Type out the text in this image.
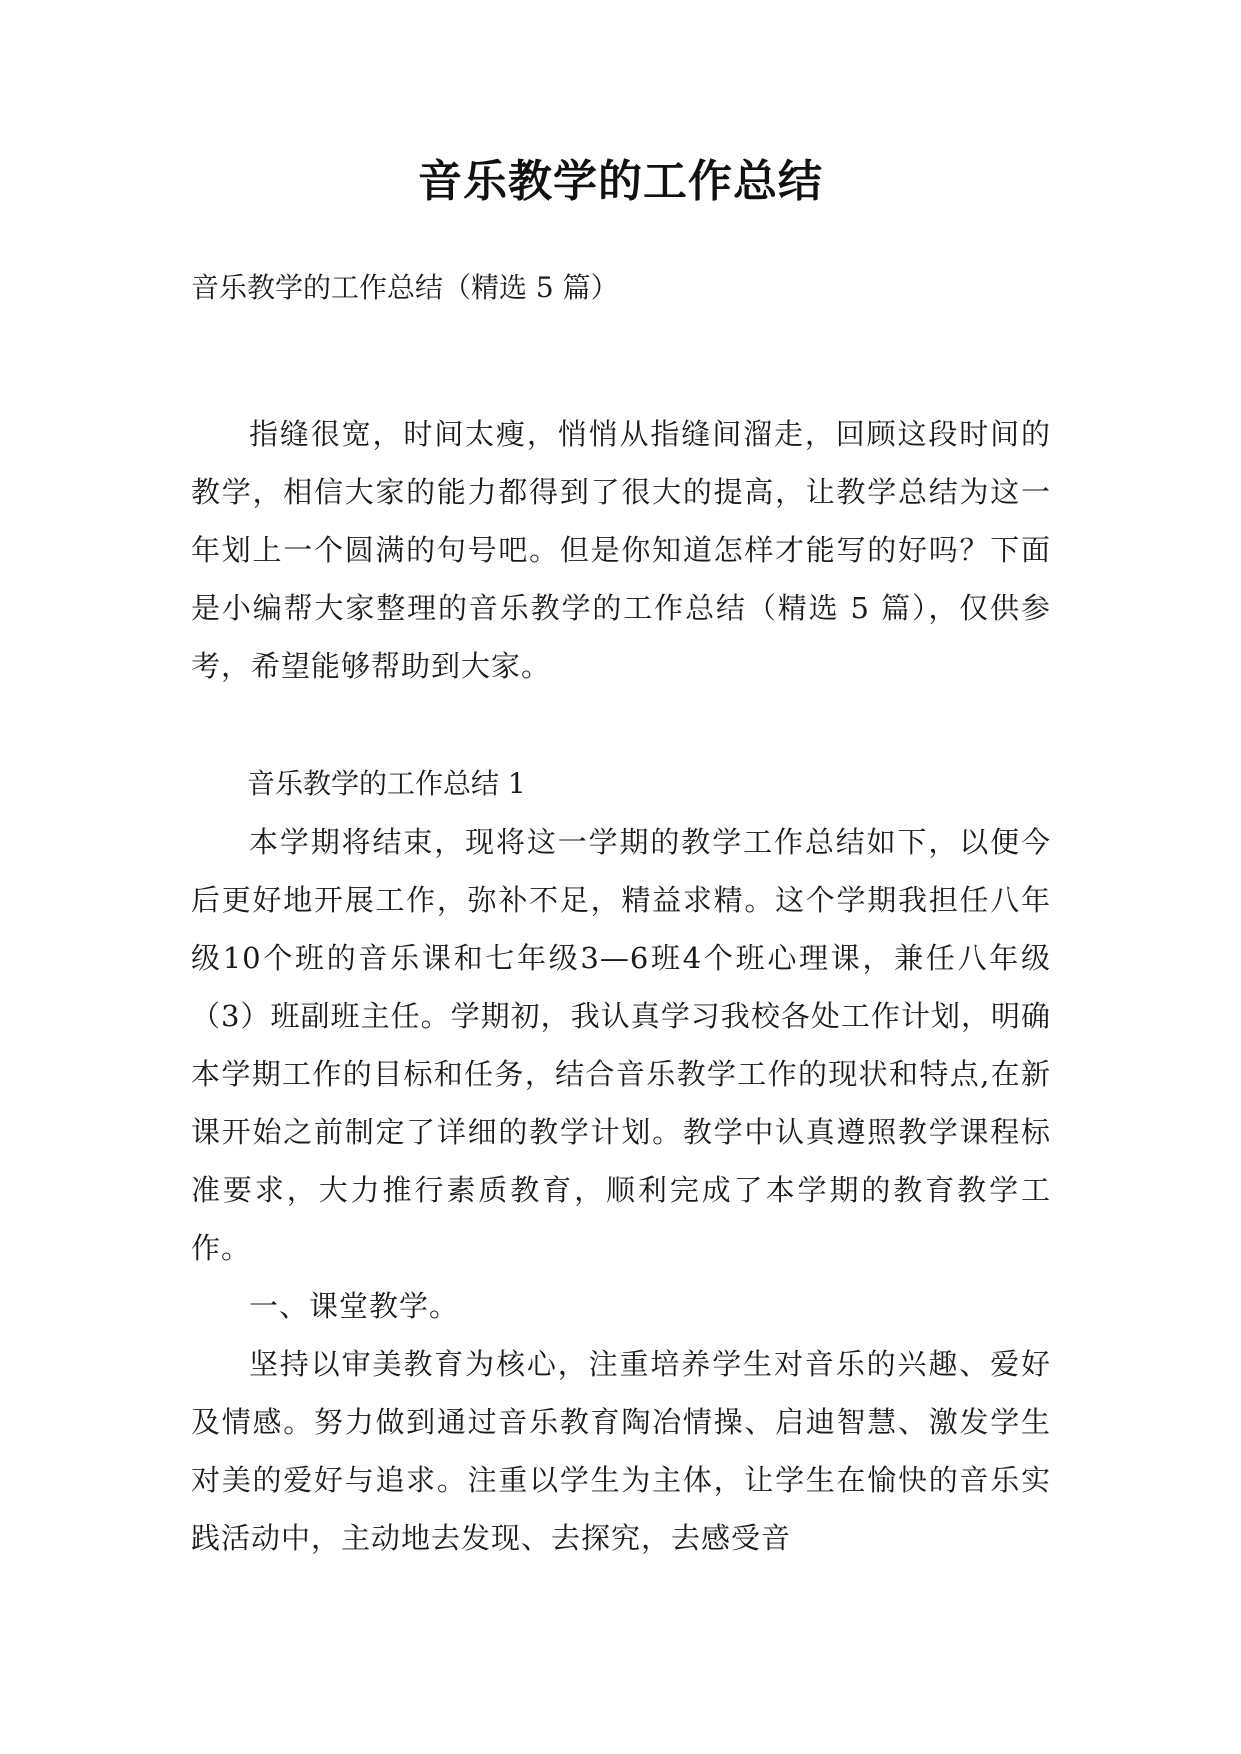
音乐教学的工作总结
音乐教学的工作总结（精选 5 篇）

指缝很宽，时间太瘦，悄悄从指缝间溜走，回顾这段时间的教学，相信大家的能力都得到了很大的提高，让教学总结为这一年划上一个圆满的句号吧。但是你知道怎样才能写的好吗？下面是小编帮大家整理的音乐教学的工作总结（精选 5 篇），仅供参考，希望能够帮助到大家。

音乐教学的工作总结 1

本学期将结束，现将这一学期的教学工作总结如下，以便今后更好地开展工作，弥补不足，精益求精。这个学期我担任八年级10个班的音乐课和七年级3—6班4个班心理课，兼任八年级（3）班副班主任。学期初，我认真学习我校各处工作计划，明确本学期工作的目标和任务，结合音乐教学工作的现状和特点,在新课开始之前制定了详细的教学计划。教学中认真遵照教学课程标准要求，大力推行素质教育，顺利完成了本学期的教育教学工作。

一、课堂教学。

坚持以审美教育为核心，注重培养学生对音乐的兴趣、爱好及情感。努力做到通过音乐教育陶冶情操、启迪智慧、激发学生对美的爱好与追求。注重以学生为主体，让学生在愉快的音乐实践活动中，主动地去发现、去探究，去感受音
